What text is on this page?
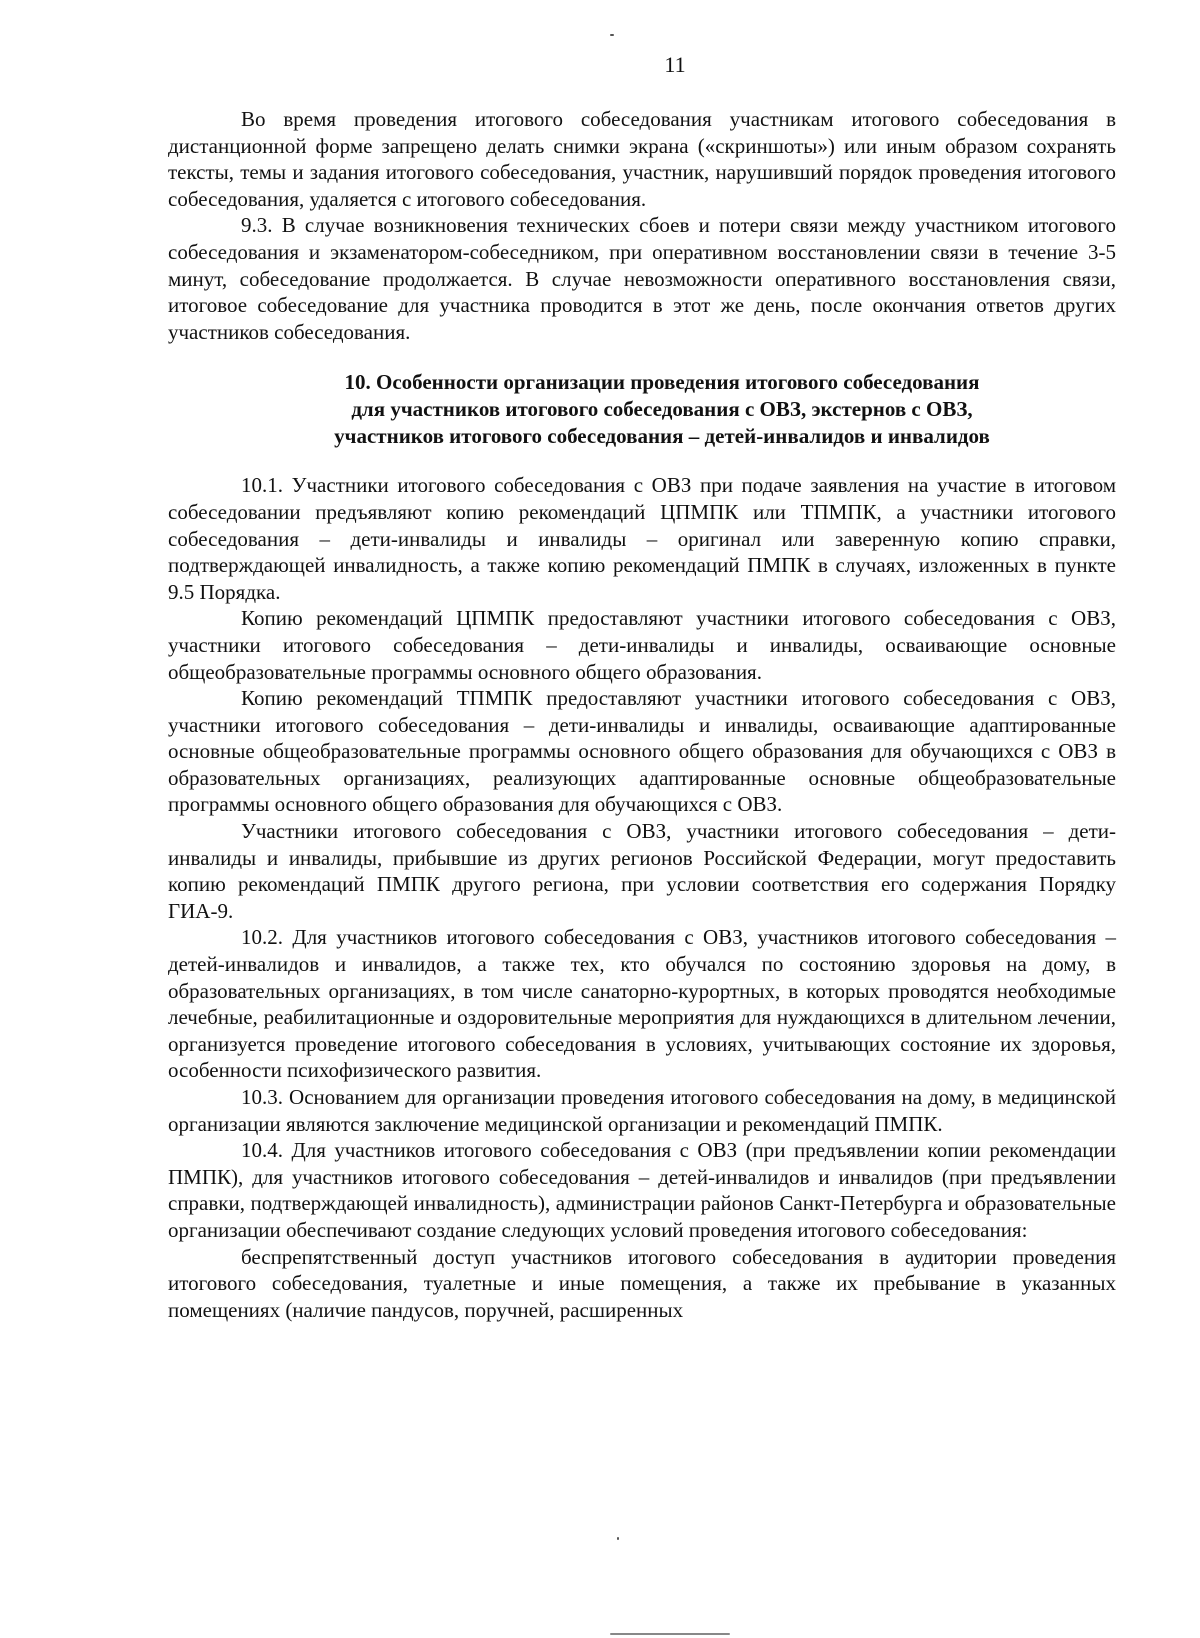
11

Во время проведения итогового собеседования участникам итогового собеседования в дистанционной форме запрещено делать снимки экрана («скриншоты») или иным образом сохранять тексты, темы и задания итогового собеседования, участник, нарушивший порядок проведения итогового собеседования, удаляется с итогового собеседования.

9.3. В случае возникновения технических сбоев и потери связи между участником итогового собеседования и экзаменатором-собеседником, при оперативном восстановлении связи в течение 3-5 минут, собеседование продолжается. В случае невозможности оперативного восстановления связи, итоговое собеседование для участника проводится в этот же день, после окончания ответов других участников собеседования.

10. Особенности организации проведения итогового собеседования
для участников итогового собеседования с ОВЗ, экстернов с ОВЗ,
участников итогового собеседования – детей-инвалидов и инвалидов

10.1. Участники итогового собеседования с ОВЗ при подаче заявления на участие в итоговом собеседовании предъявляют копию рекомендаций ЦПМПК или ТПМПК, а участники итогового собеседования – дети-инвалиды и инвалиды – оригинал или заверенную копию справки, подтверждающей инвалидность, а также копию рекомендаций ПМПК в случаях, изложенных в пункте 9.5 Порядка.

Копию рекомендаций ЦПМПК предоставляют участники итогового собеседования с ОВЗ, участники итогового собеседования – дети-инвалиды и инвалиды, осваивающие основные общеобразовательные программы основного общего образования.

Копию рекомендаций ТПМПК предоставляют участники итогового собеседования с ОВЗ, участники итогового собеседования – дети-инвалиды и инвалиды, осваивающие адаптированные основные общеобразовательные программы основного общего образования для обучающихся с ОВЗ в образовательных организациях, реализующих адаптированные основные общеобразовательные программы основного общего образования для обучающихся с ОВЗ.

Участники итогового собеседования с ОВЗ, участники итогового собеседования – дети-инвалиды и инвалиды, прибывшие из других регионов Российской Федерации, могут предоставить копию рекомендаций ПМПК другого региона, при условии соответствия его содержания Порядку ГИА-9.

10.2. Для участников итогового собеседования с ОВЗ, участников итогового собеседования – детей-инвалидов и инвалидов, а также тех, кто обучался по состоянию здоровья на дому, в образовательных организациях, в том числе санаторно-курортных, в которых проводятся необходимые лечебные, реабилитационные и оздоровительные мероприятия для нуждающихся в длительном лечении, организуется проведение итогового собеседования в условиях, учитывающих состояние их здоровья, особенности психофизического развития.

10.3. Основанием для организации проведения итогового собеседования на дому, в медицинской организации являются заключение медицинской организации и рекомендаций ПМПК.

10.4. Для участников итогового собеседования с ОВЗ (при предъявлении копии рекомендации ПМПК), для участников итогового собеседования – детей-инвалидов и инвалидов (при предъявлении справки, подтверждающей инвалидность), администрации районов Санкт-Петербурга и образовательные организации обеспечивают создание следующих условий проведения итогового собеседования:

беспрепятственный доступ участников итогового собеседования в аудитории проведения итогового собеседования, туалетные и иные помещения, а также их пребывание в указанных помещениях (наличие пандусов, поручней, расширенных
